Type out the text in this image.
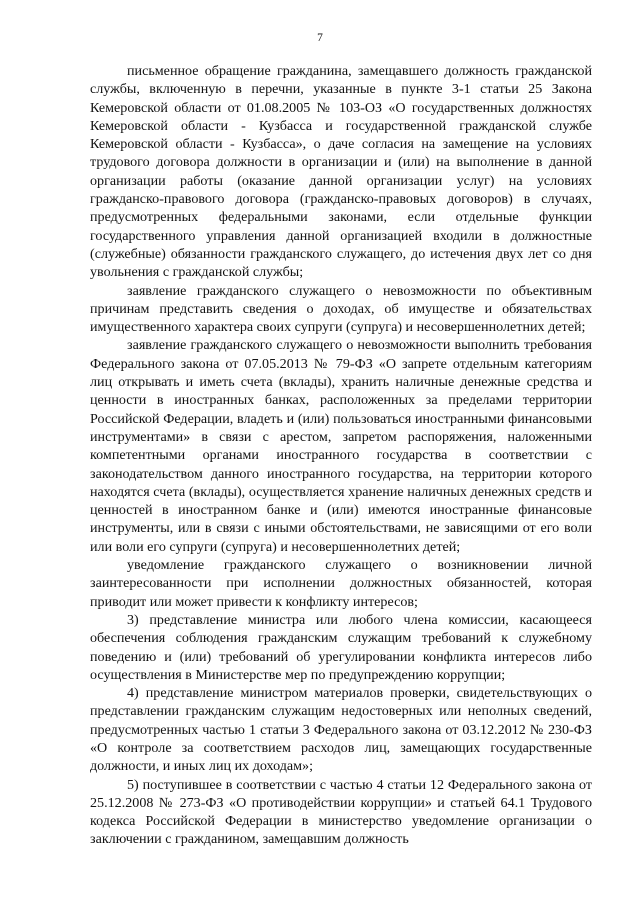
7

письменное обращение гражданина, замещавшего должность гражданской службы, включенную в перечни, указанные в пункте 3-1 статьи 25 Закона Кемеровской области от 01.08.2005 № 103-ОЗ «О государственных должностях Кемеровской области - Кузбасса и государственной гражданской службе Кемеровской области - Кузбасса», о даче согласия на замещение на условиях трудового договора должности в организации и (или) на выполнение в данной организации работы (оказание данной организации услуг) на условиях гражданско-правового договора (гражданско-правовых договоров) в случаях, предусмотренных федеральными законами, если отдельные функции государственного управления данной организацией входили в должностные (служебные) обязанности гражданского служащего, до истечения двух лет со дня увольнения с гражданской службы;

заявление гражданского служащего о невозможности по объективным причинам представить сведения о доходах, об имуществе и обязательствах имущественного характера своих супруги (супруга) и несовершеннолетних детей;

заявление гражданского служащего о невозможности выполнить требования Федерального закона от 07.05.2013 № 79-ФЗ «О запрете отдельным категориям лиц открывать и иметь счета (вклады), хранить наличные денежные средства и ценности в иностранных банках, расположенных за пределами территории Российской Федерации, владеть и (или) пользоваться иностранными финансовыми инструментами» в связи с арестом, запретом распоряжения, наложенными компетентными органами иностранного государства в соответствии с законодательством данного иностранного государства, на территории которого находятся счета (вклады), осуществляется хранение наличных денежных средств и ценностей в иностранном банке и (или) имеются иностранные финансовые инструменты, или в связи с иными обстоятельствами, не зависящими от его воли или воли его супруги (супруга) и несовершеннолетних детей;

уведомление гражданского служащего о возникновении личной заинтересованности при исполнении должностных обязанностей, которая приводит или может привести к конфликту интересов;

3) представление министра или любого члена комиссии, касающееся обеспечения соблюдения гражданским служащим требований к служебному поведению и (или) требований об урегулировании конфликта интересов либо осуществления в Министерстве мер по предупреждению коррупции;

4) представление министром материалов проверки, свидетельствующих о представлении гражданским служащим недостоверных или неполных сведений, предусмотренных частью 1 статьи 3 Федерального закона от 03.12.2012 № 230-ФЗ «О контроле за соответствием расходов лиц, замещающих государственные должности, и иных лиц их доходам»;

5) поступившее в соответствии с частью 4 статьи 12 Федерального закона от 25.12.2008 № 273-ФЗ «О противодействии коррупции» и статьей 64.1 Трудового кодекса Российской Федерации в министерство уведомление организации о заключении с гражданином, замещавшим должность
